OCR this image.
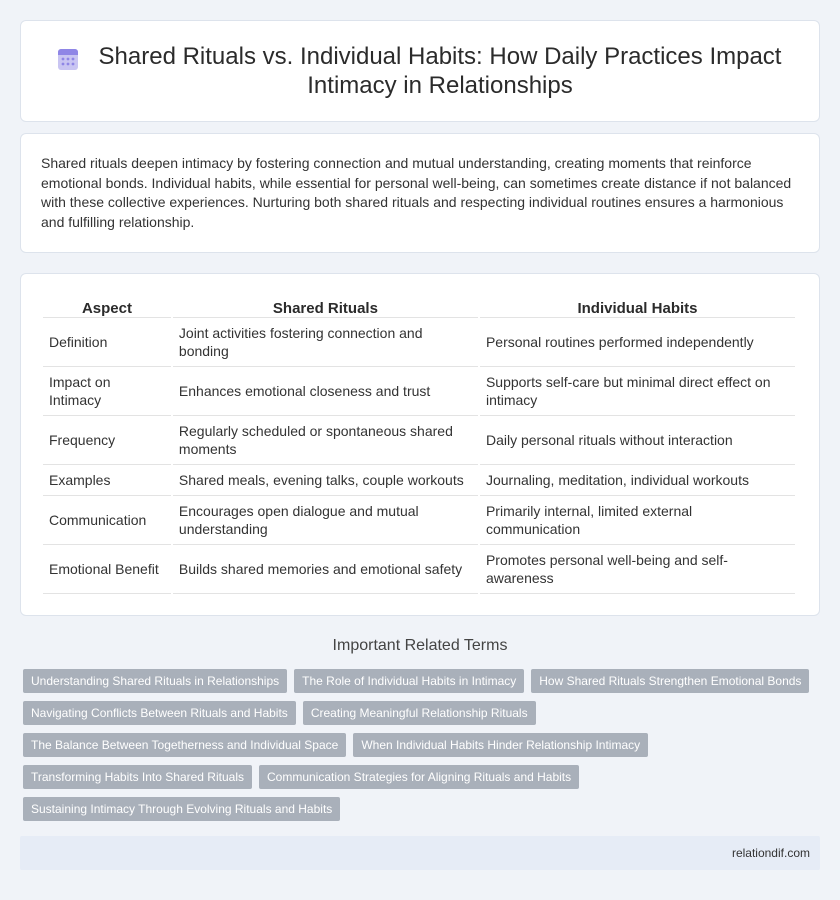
Shared Rituals vs. Individual Habits: How Daily Practices Impact Intimacy in Relationships

Shared rituals deepen intimacy by fostering connection and mutual understanding, creating moments that reinforce emotional bonds. Individual habits, while essential for personal well-being, can sometimes create distance if not balanced with these collective experiences. Nurturing both shared rituals and respecting individual routines ensures a harmonious and fulfilling relationship.

Aspect	Shared Rituals	Individual Habits
Definition	Joint activities fostering connection and bonding	Personal routines performed independently
Impact on Intimacy	Enhances emotional closeness and trust	Supports self-care but minimal direct effect on intimacy
Frequency	Regularly scheduled or spontaneous shared moments	Daily personal rituals without interaction
Examples	Shared meals, evening talks, couple workouts	Journaling, meditation, individual workouts
Communication	Encourages open dialogue and mutual understanding	Primarily internal, limited external communication
Emotional Benefit	Builds shared memories and emotional safety	Promotes personal well-being and self-awareness
Important Related Terms
Understanding Shared Rituals in Relationships	The Role of Individual Habits in Intimacy	How Shared Rituals Strengthen Emotional Bonds
Navigating Conflicts Between Rituals and Habits	Creating Meaningful Relationship Rituals
The Balance Between Togetherness and Individual Space	When Individual Habits Hinder Relationship Intimacy
Transforming Habits Into Shared Rituals	Communication Strategies for Aligning Rituals and Habits
Sustaining Intimacy Through Evolving Rituals and Habits
relationdif.com
